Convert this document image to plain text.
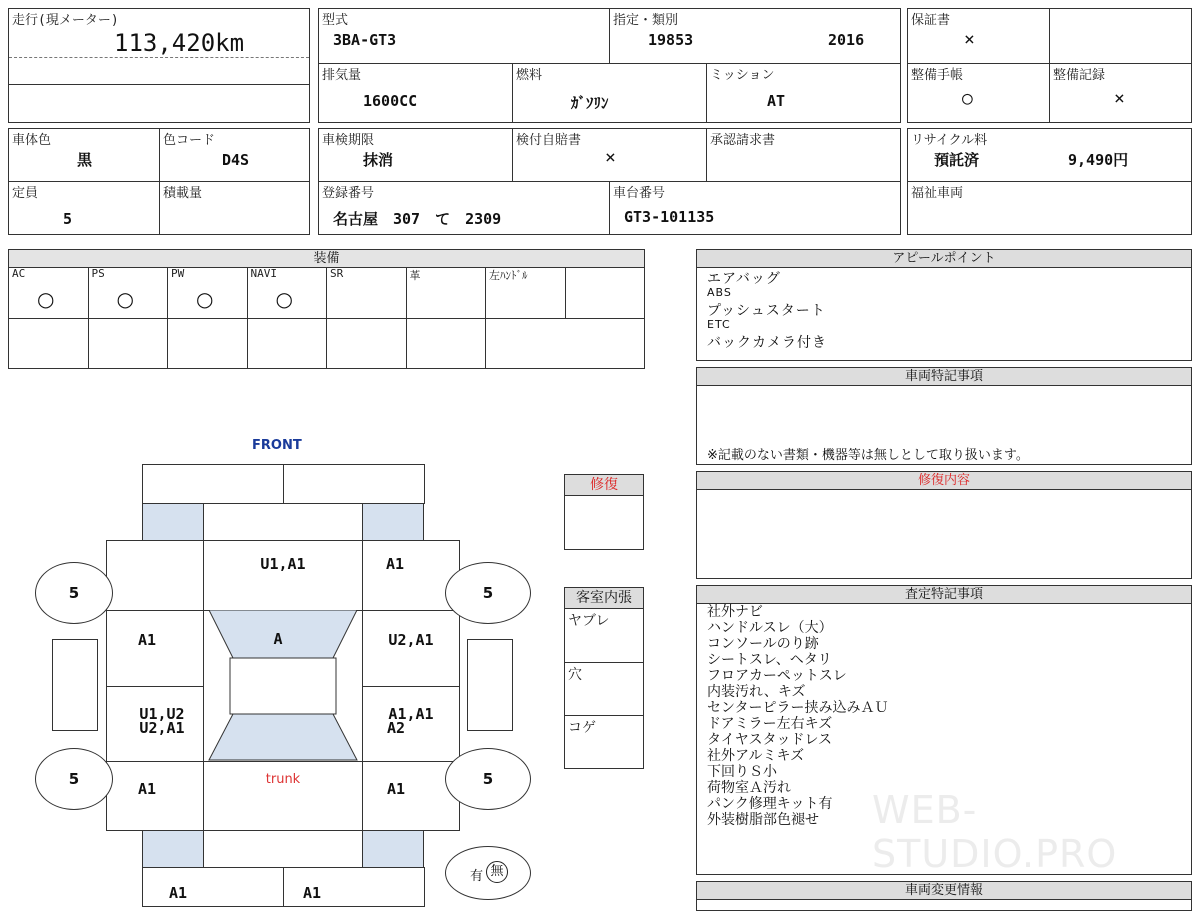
走行(現メーター)
113,420km
型式
3BA-GT3
指定・類別
19853	2016
保証書
×
排気量
1600CC
燃料
ｶﾞｿﾘﾝ
ミッション
AT
整備手帳
○
整備記録
×
車体色
黒
色コード
D4S
車検期限
抹消
検付自賠書
×
承認請求書	リサイクル料
預託済	9,490円
定員
5
積載量	登録番号
名古屋　307　て　2309
車台番号
GT3-101135
福祉車両
装備
AC
○
PS
○
PW
○
NAVI
○
SR	革	左ﾊﾝﾄﾞﾙ
アピールポイント
エアバッグ
ABS
プッシュスタート
ETC
バックカメラ付き
車両特記事項
※記載のない書類・機器等は無しとして取り扱います。
修復内容
査定特記事項
社外ナビ
ハンドルスレ（大）
コンソールのり跡
シートスレ、ヘタリ
フロアカーペットスレ
内装汚れ、キズ
センターピラー挟み込みＡＵ
ドアミラー左右キズ
タイヤスタッドレス
社外アルミキズ
下回りＳ小
荷物室Ａ汚れ
パンク修理キット有
外装樹脂部色褪せ
車両変更情報
WEB-STUDIO.PRO
修復
客室内張
ヤブレ
穴
コゲ
FRONT
U1,A1	A1
A1	U2,A1
U1,U2
U2,A1
A1,A1
A2
A
A1
trunk
A1
A1	A1
5	5
5	5
有 無
